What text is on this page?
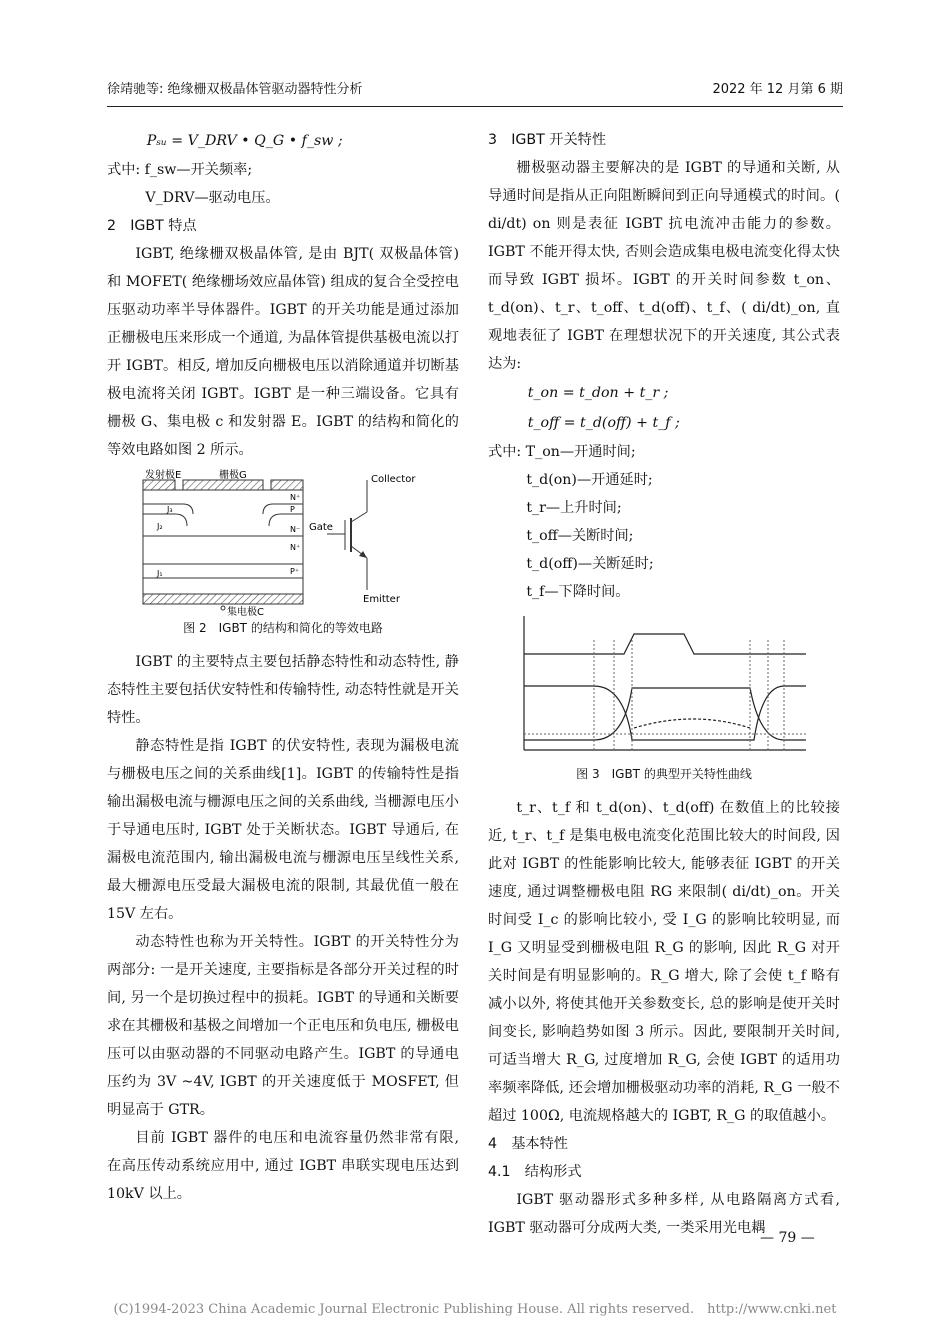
徐靖驰等: 绝缘栅双极晶体管驱动器特性分析	2022 年 12 月第 6 期
Pₛᵤ = V_DRV • Q_G • f_sw ;

式中: f_sw—开关频率;

V_DRV—驱动电压。

2　IGBT 特点

IGBT, 绝缘栅双极晶体管, 是由 BJT( 双极晶体管) 和 MOFET( 绝缘栅场效应晶体管) 组成的复合全受控电压驱动功率半导体器件。IGBT 的开关功能是通过添加正栅极电压来形成一个通道, 为晶体管提供基极电流以打开 IGBT。相反, 增加反向栅极电压以消除通道并切断基极电流将关闭 IGBT。IGBT 是一种三端设备。它具有栅极 G、集电极 c 和发射器 E。IGBT 的结构和简化的等效电路如图 2 所示。

发射极E	栅极G
N⁺
P
N⁻
N⁺
P⁺
J₁
J₂
J₃
集电极C
Collector
Gate
Emitter
图 2　IGBT 的结构和简化的等效电路

IGBT 的主要特点主要包括静态特性和动态特性, 静态特性主要包括伏安特性和传输特性, 动态特性就是开关特性。

静态特性是指 IGBT 的伏安特性, 表现为漏极电流与栅极电压之间的关系曲线[1]。IGBT 的传输特性是指输出漏极电流与栅源电压之间的关系曲线, 当栅源电压小于导通电压时, IGBT 处于关断状态。IGBT 导通后, 在漏极电流范围内, 输出漏极电流与栅源电压呈线性关系, 最大栅源电压受最大漏极电流的限制, 其最优值一般在 15V 左右。

动态特性也称为开关特性。IGBT 的开关特性分为两部分: 一是开关速度, 主要指标是各部分开关过程的时间, 另一个是切换过程中的损耗。IGBT 的导通和关断要求在其栅极和基极之间增加一个正电压和负电压, 栅极电压可以由驱动器的不同驱动电路产生。IGBT 的导通电压约为 3V ~4V, IGBT 的开关速度低于 MOSFET, 但明显高于 GTR。

目前 IGBT 器件的电压和电流容量仍然非常有限, 在高压传动系统应用中, 通过 IGBT 串联实现电压达到 10kV 以上。

3　IGBT 开关特性

栅极驱动器主要解决的是 IGBT 的导通和关断, 从导通时间是指从正向阻断瞬间到正向导通模式的时间。( di/dt) on 则是表征 IGBT 抗电流冲击能力的参数。IGBT 不能开得太快, 否则会造成集电极电流变化得太快而导致 IGBT 损坏。IGBT 的开关时间参数 t_on、t_d(on)、t_r、t_off、t_d(off)、t_f、( di/dt)_on, 直观地表征了 IGBT 在理想状况下的开关速度, 其公式表达为:

t_on = t_don + t_r ;
t_off = t_d(off) + t_f ;

式中: T_on—开通时间;

t_d(on)—开通延时;

t_r—上升时间;

t_off—关断时间;

t_d(off)—关断延时;

t_f—下降时间。

图 3　IGBT 的典型开关特性曲线

t_r、t_f 和 t_d(on)、t_d(off) 在数值上的比较接近, t_r、t_f 是集电极电流变化范围比较大的时间段, 因此对 IGBT 的性能影响比较大, 能够表征 IGBT 的开关速度, 通过调整栅极电阻 RG 来限制( di/dt)_on。开关时间受 I_c 的影响比较小, 受 I_G 的影响比较明显, 而 I_G 又明显受到栅极电阻 R_G 的影响, 因此 R_G 对开关时间是有明显影响的。R_G 增大, 除了会使 t_f 略有减小以外, 将使其他开关参数变长, 总的影响是使开关时间变长, 影响趋势如图 3 所示。因此, 要限制开关时间, 可适当增大 R_G, 过度增加 R_G, 会使 IGBT 的适用功率频率降低, 还会增加栅极驱动功率的消耗, R_G 一般不超过 100Ω, 电流规格越大的 IGBT, R_G 的取值越小。

4　基本特性
4.1　结构形式

IGBT 驱动器形式多种多样, 从电路隔离方式看, IGBT 驱动器可分成两大类, 一类采用光电耦

— 79 —
(C)1994-2023 China Academic Journal Electronic Publishing House. All rights reserved.　http://www.cnki.net
